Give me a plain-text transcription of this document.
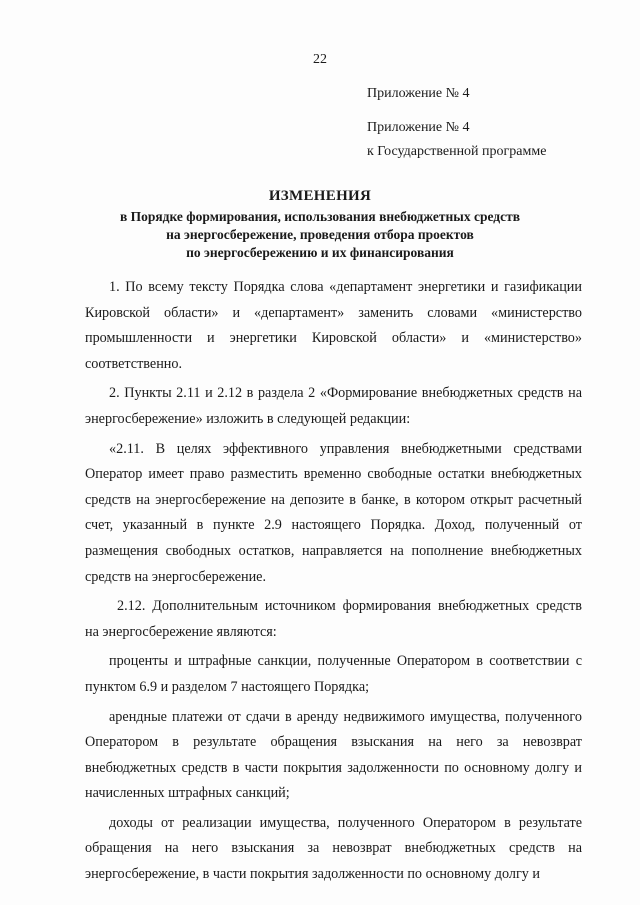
22
Приложение № 4
Приложение № 4
к Государственной программе
ИЗМЕНЕНИЯ
в Порядке формирования, использования внебюджетных средств
на энергосбережение, проведения отбора проектов
по энергосбережению и их финансирования

1. По всему тексту Порядка слова «департамент энергетики и газификации Кировской области» и «департамент» заменить словами «министерство промышленности и энергетики Кировской области» и «министерство» соответственно.

2. Пункты 2.11 и 2.12 в раздела 2 «Формирование внебюджетных средств на энергосбережение» изложить в следующей редакции:

«2.11. В целях эффективного управления внебюджетными средствами Оператор имеет право разместить временно свободные остатки внебюджетных средств на энергосбережение на депозите в банке, в котором открыт расчетный счет, указанный в пункте 2.9 настоящего Порядка. Доход, полученный от размещения свободных остатков, направляется на пополнение внебюджетных средств на энергосбережение.

2.12. Дополнительным источником формирования внебюджетных средств на энергосбережение являются:

проценты и штрафные санкции, полученные Оператором в соответствии с пунктом 6.9 и разделом 7 настоящего Порядка;

арендные платежи от сдачи в аренду недвижимого имущества, полученного Оператором в результате обращения взыскания на него за невозврат внебюджетных средств в части покрытия задолженности по основному долгу и начисленных штрафных санкций;

доходы от реализации имущества, полученного Оператором в результате обращения на него взыскания за невозврат внебюджетных средств на энергосбережение, в части покрытия задолженности по основному долгу и
